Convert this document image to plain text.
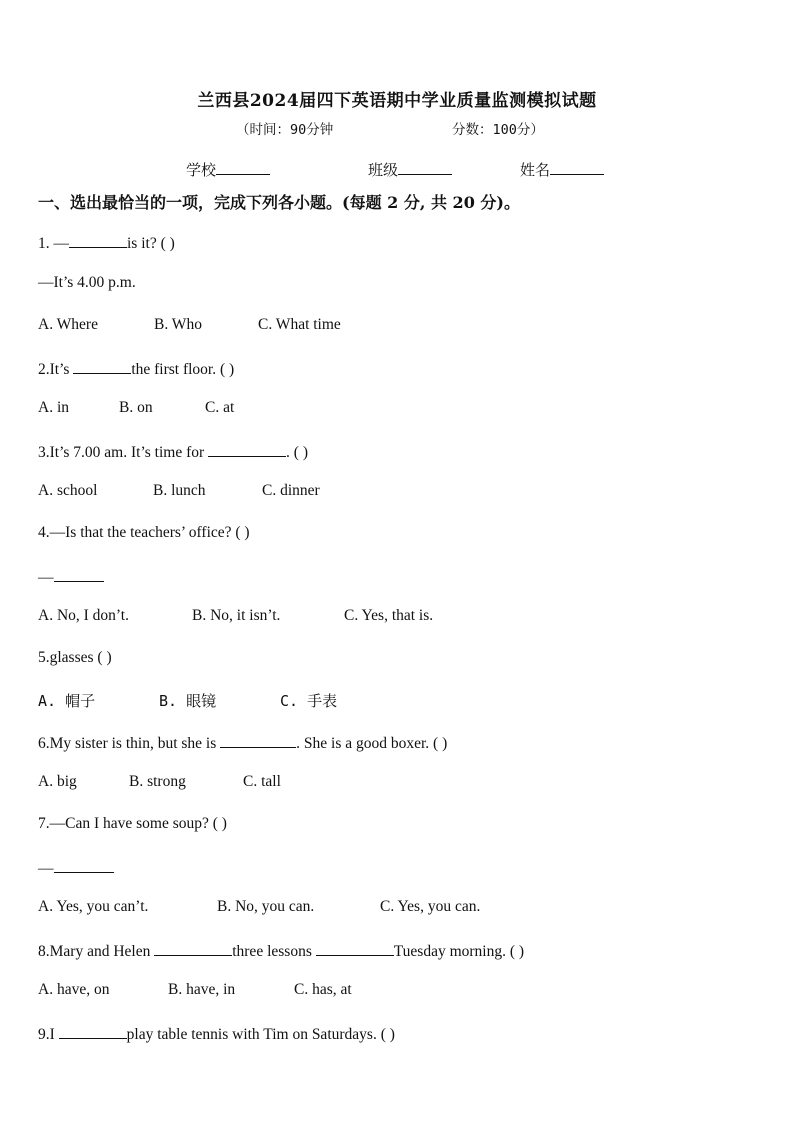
兰西县2024届四下英语期中学业质量监测模拟试题
（时间：90分钟	分数：100分）
学校	班级	姓名
一、选出最恰当的一项，完成下列各小题。(每题 2 分, 共 20 分)。
1. —	is it? ( )
—It’s 4.00 p.m.
A. Where	B. Who	C. What time
2.It’s	the first floor. ( )
A. in	B. on	C. at
3.It’s 7.00 am. It’s time for	. ( )
A. school	B. lunch	C. dinner
4.—Is that the teachers’ office? ( )
—
A. No, I don’t.	B. No, it isn’t.	C. Yes, that is.
5.glasses ( )
A. 帽子	B. 眼镜	C. 手表
6.My sister is thin, but she is	. She is a good boxer. ( )
A. big	B. strong	C. tall
7.—Can I have some soup? ( )
—
A. Yes, you can’t.	B. No, you can.	C. Yes, you can.
8.Mary and Helen	three lessons	Tuesday morning. ( )
A. have, on	B. have, in	C. has, at
9.I	play table tennis with Tim on Saturdays. ( )
